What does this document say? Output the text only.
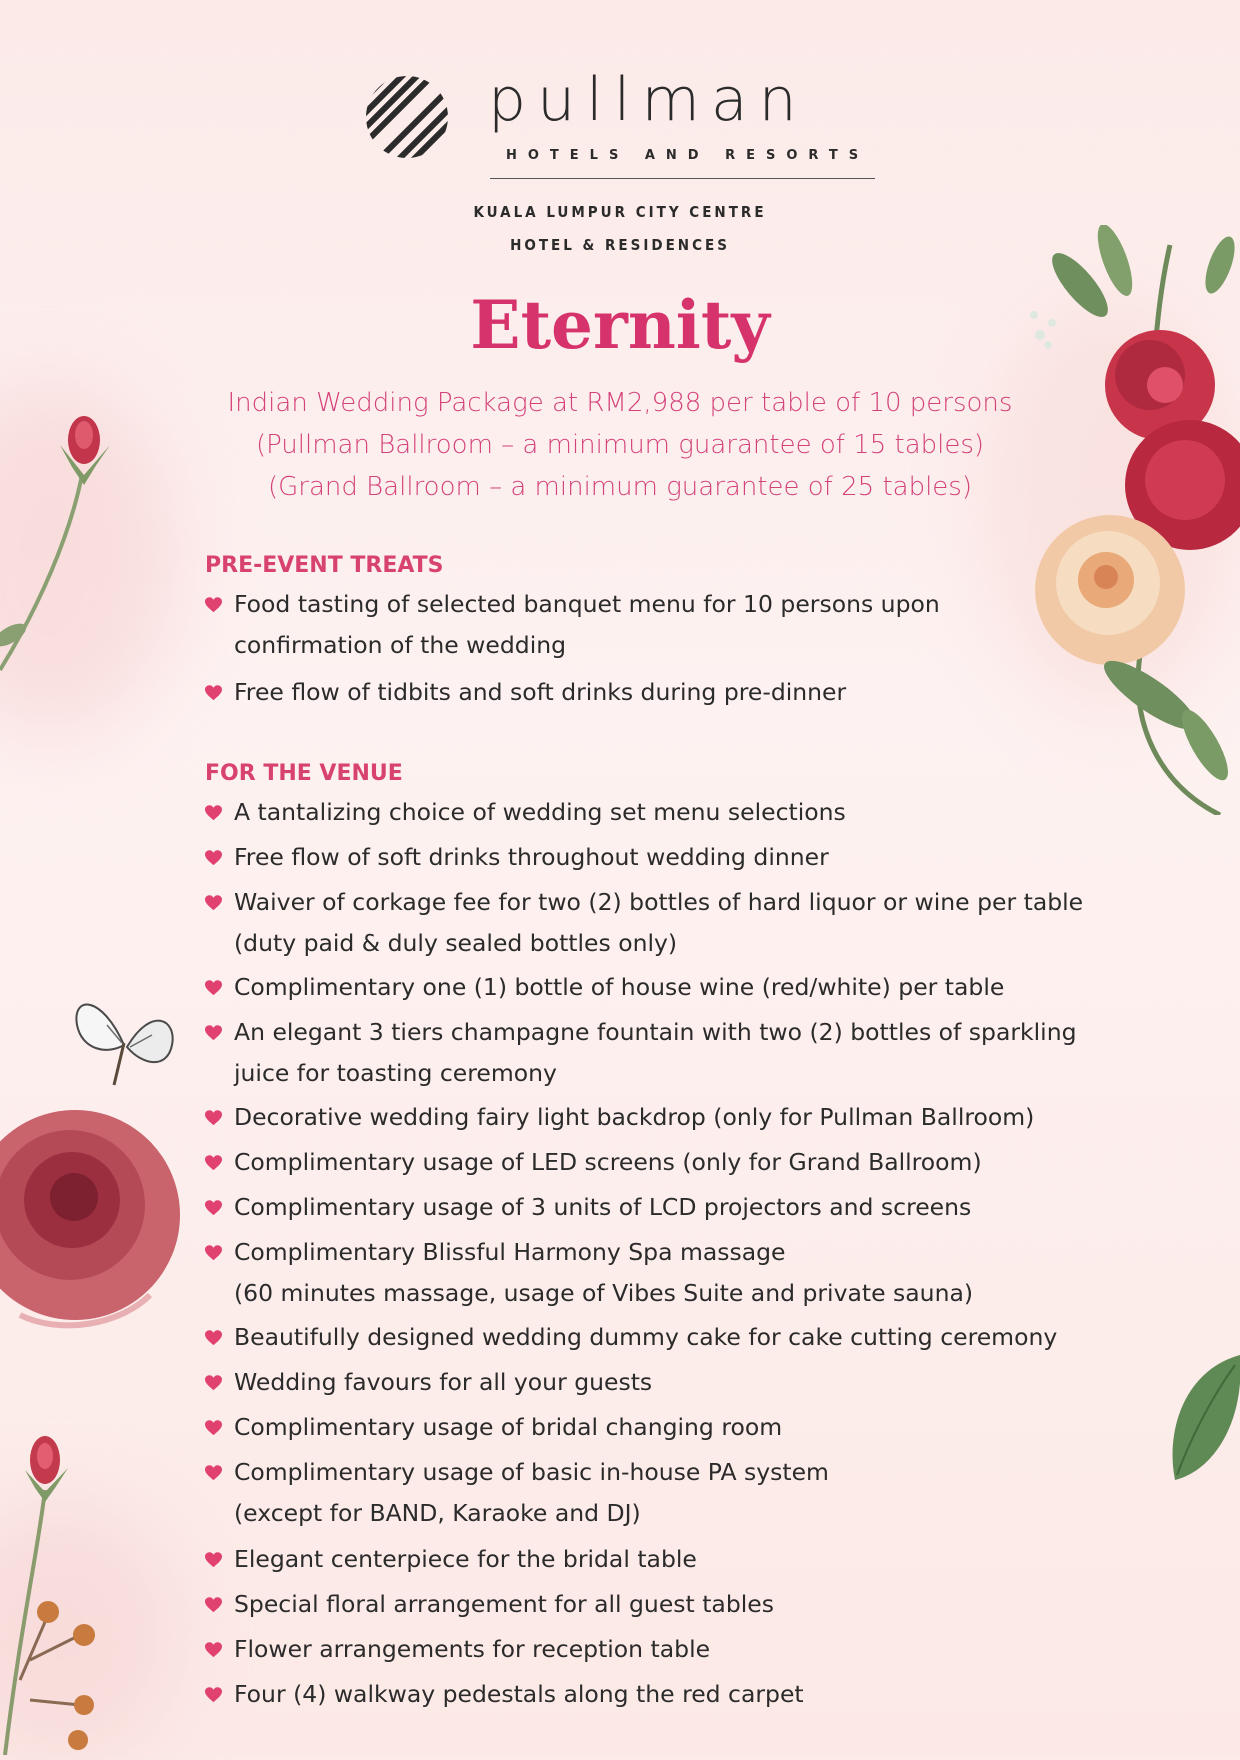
pullman
HOTELS AND RESORTS
KUALA LUMPUR CITY CENTRE
HOTEL & RESIDENCES
Eternity
Indian Wedding Package at RM2,988 per table of 10 persons
(Pullman Ballroom – a minimum guarantee of 15 tables)
(Grand Ballroom – a minimum guarantee of 25 tables)
PRE-EVENT TREATS
Food tasting of selected banquet menu for 10 persons upon
confirmation of the wedding
Free flow of tidbits and soft drinks during pre-dinner
FOR THE VENUE
A tantalizing choice of wedding set menu selections
Free flow of soft drinks throughout wedding dinner
Waiver of corkage fee for two (2) bottles of hard liquor or wine per table
(duty paid & duly sealed bottles only)
Complimentary one (1) bottle of house wine (red/white) per table
An elegant 3 tiers champagne fountain with two (2) bottles of sparkling
juice for toasting ceremony
Decorative wedding fairy light backdrop (only for Pullman Ballroom)
Complimentary usage of LED screens (only for Grand Ballroom)
Complimentary usage of 3 units of LCD projectors and screens
Complimentary Blissful Harmony Spa massage
(60 minutes massage, usage of Vibes Suite and private sauna)
Beautifully designed wedding dummy cake for cake cutting ceremony
Wedding favours for all your guests
Complimentary usage of bridal changing room
Complimentary usage of basic in-house PA system
(except for BAND, Karaoke and DJ)
Elegant centerpiece for the bridal table
Special floral arrangement for all guest tables
Flower arrangements for reception table
Four (4) walkway pedestals along the red carpet
